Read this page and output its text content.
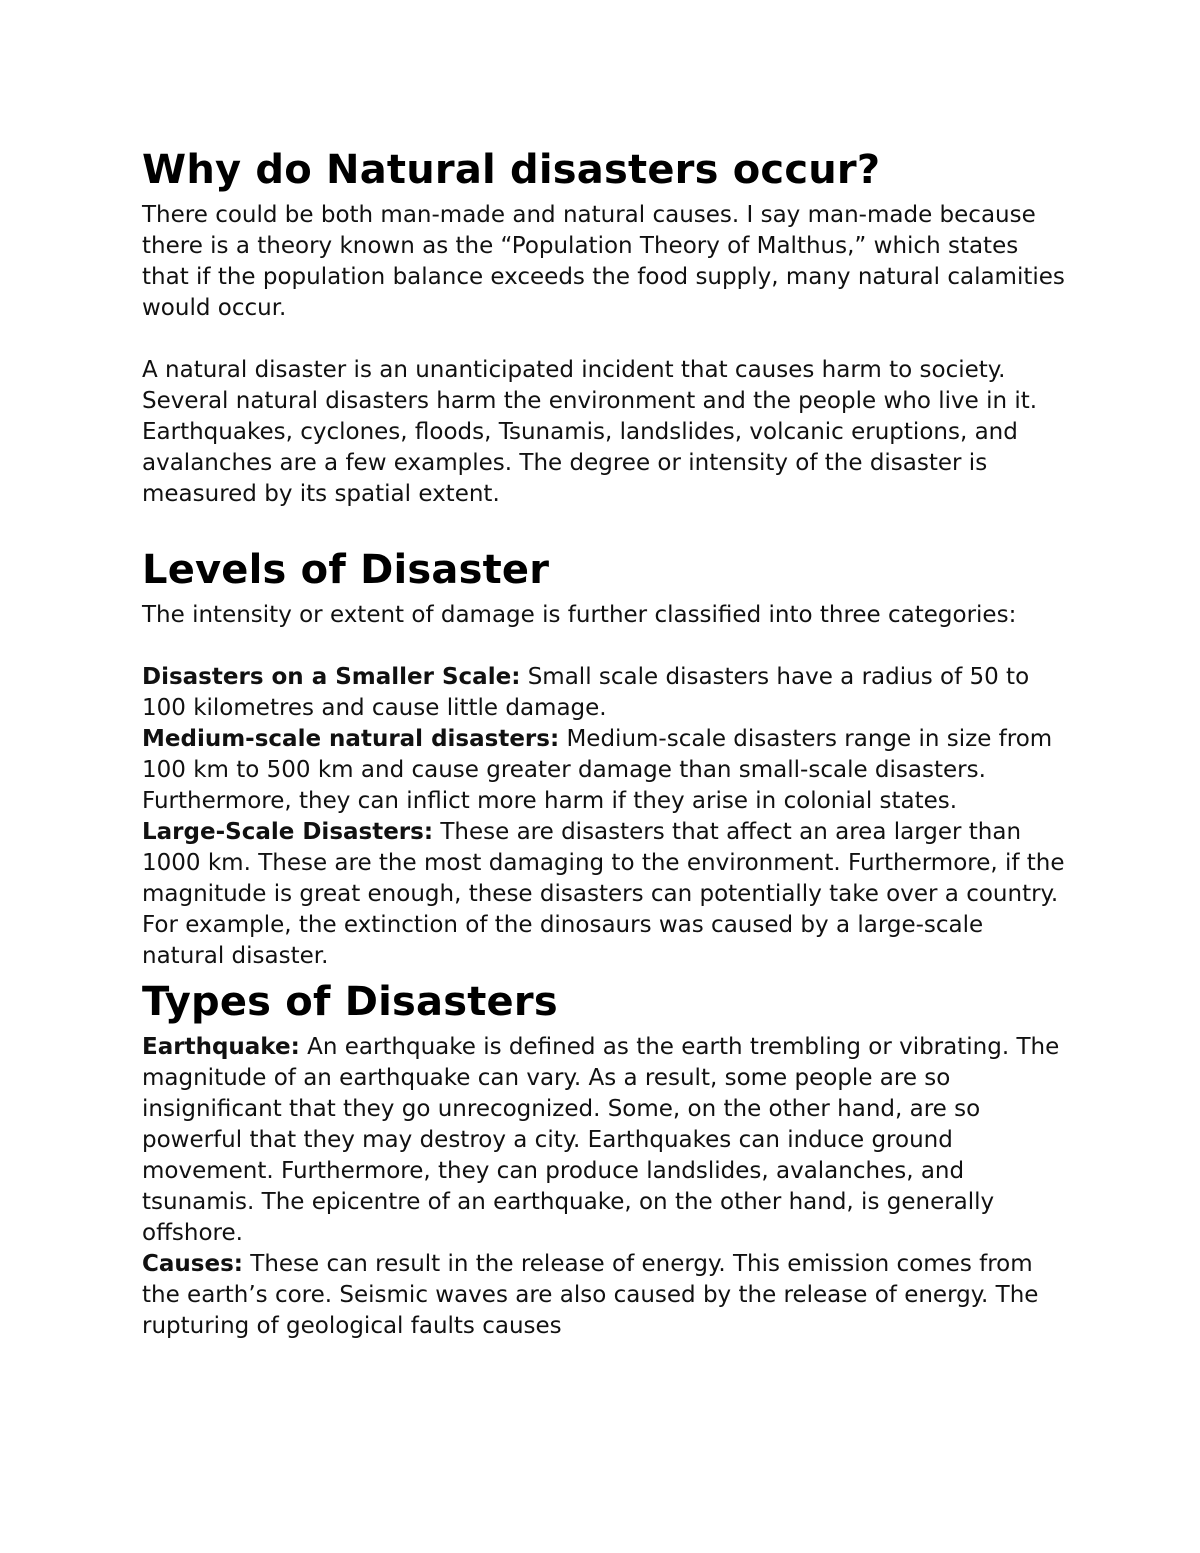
Why do Natural disasters occur?

There could be both man-made and natural causes. I say man-made because there is a theory known as the “Population Theory of Malthus,” which states that if the population balance exceeds the food supply, many natural calamities would occur.

A natural disaster is an unanticipated incident that causes harm to society. Several natural disasters harm the environment and the people who live in it. Earthquakes, cyclones, floods, Tsunamis, landslides, volcanic eruptions, and avalanches are a few examples. The degree or intensity of the disaster is measured by its spatial extent.

Levels of Disaster

The intensity or extent of damage is further classified into three categories:

Disasters on a Smaller Scale: Small scale disasters have a radius of 50 to 100 kilometres and cause little damage.

Medium-scale natural disasters: Medium-scale disasters range in size from 100 km to 500 km and cause greater damage than small-scale disasters. Furthermore, they can inflict more harm if they arise in colonial states.

Large-Scale Disasters: These are disasters that affect an area larger than 1000 km. These are the most damaging to the environment. Furthermore, if the magnitude is great enough, these disasters can potentially take over a country. For example, the extinction of the dinosaurs was caused by a large-scale natural disaster.

Types of Disasters

Earthquake: An earthquake is defined as the earth trembling or vibrating. The magnitude of an earthquake can vary. As a result, some people are so insignificant that they go unrecognized. Some, on the other hand, are so powerful that they may destroy a city. Earthquakes can induce ground movement. Furthermore, they can produce landslides, avalanches, and tsunamis. The epicentre of an earthquake, on the other hand, is generally offshore.

Causes: These can result in the release of energy. This emission comes from the earth’s core. Seismic waves are also caused by the release of energy. The rupturing of geological faults causes
